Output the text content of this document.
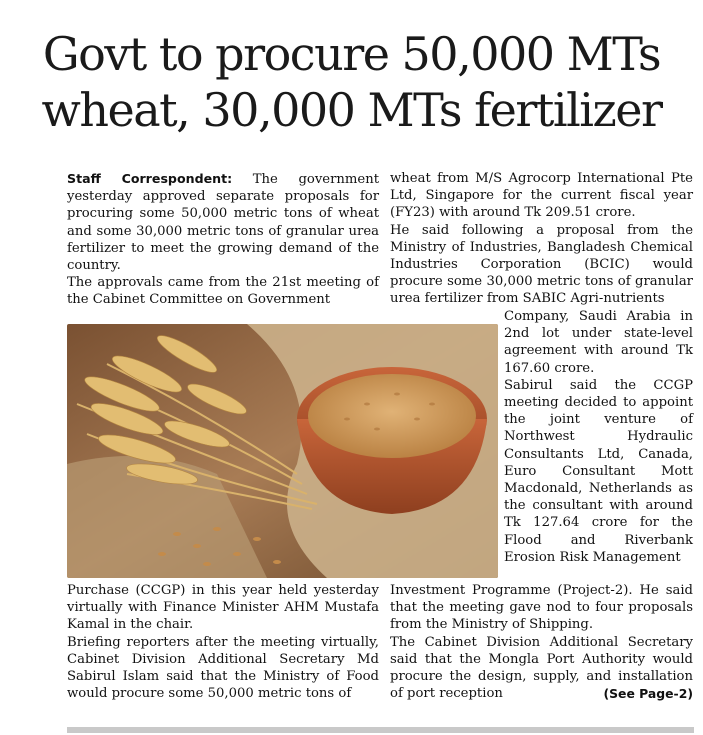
Govt to procure 50,000 MTs
wheat, 30,000 MTs fertilizer

Staff Correspondent: The government yesterday approved separate proposals for procuring some 50,000 metric tons of wheat and some 30,000 metric tons of granular urea fertilizer to meet the growing demand of the country.

The approvals came from the 21st meeting of the Cabinet Committee on Government

wheat from M/S Agrocorp International Pte Ltd, Singapore for the current fiscal year (FY23) with around Tk 209.51 crore.

He said following a proposal from the Ministry of Industries, Bangladesh Chemical Industries Corporation (BCIC) would procure some 30,000 metric tons of granular urea fertilizer from SABIC Agri-nutrients

Company, Saudi Arabia in 2nd lot under state-level agreement with around Tk 167.60 crore.

Sabirul said the CCGP meeting decided to appoint the joint venture of Northwest Hydraulic Consultants Ltd, Canada, Euro Consultant Mott Macdonald, Netherlands as the consultant with around Tk 127.64 crore for the Flood and Riverbank Erosion Risk Management

Purchase (CCGP) in this year held yesterday virtually with Finance Minister AHM Mustafa Kamal in the chair.

Briefing reporters after the meeting virtually, Cabinet Division Additional Secretary Md Sabirul Islam said that the Ministry of Food would procure some 50,000 metric tons of

Investment Programme (Project-2). He said that the meeting gave nod to four proposals from the Ministry of Shipping.

The Cabinet Division Additional Secretary said that the Mongla Port Authority would procure the design, supply, and installation of port reception	(See Page-2)
